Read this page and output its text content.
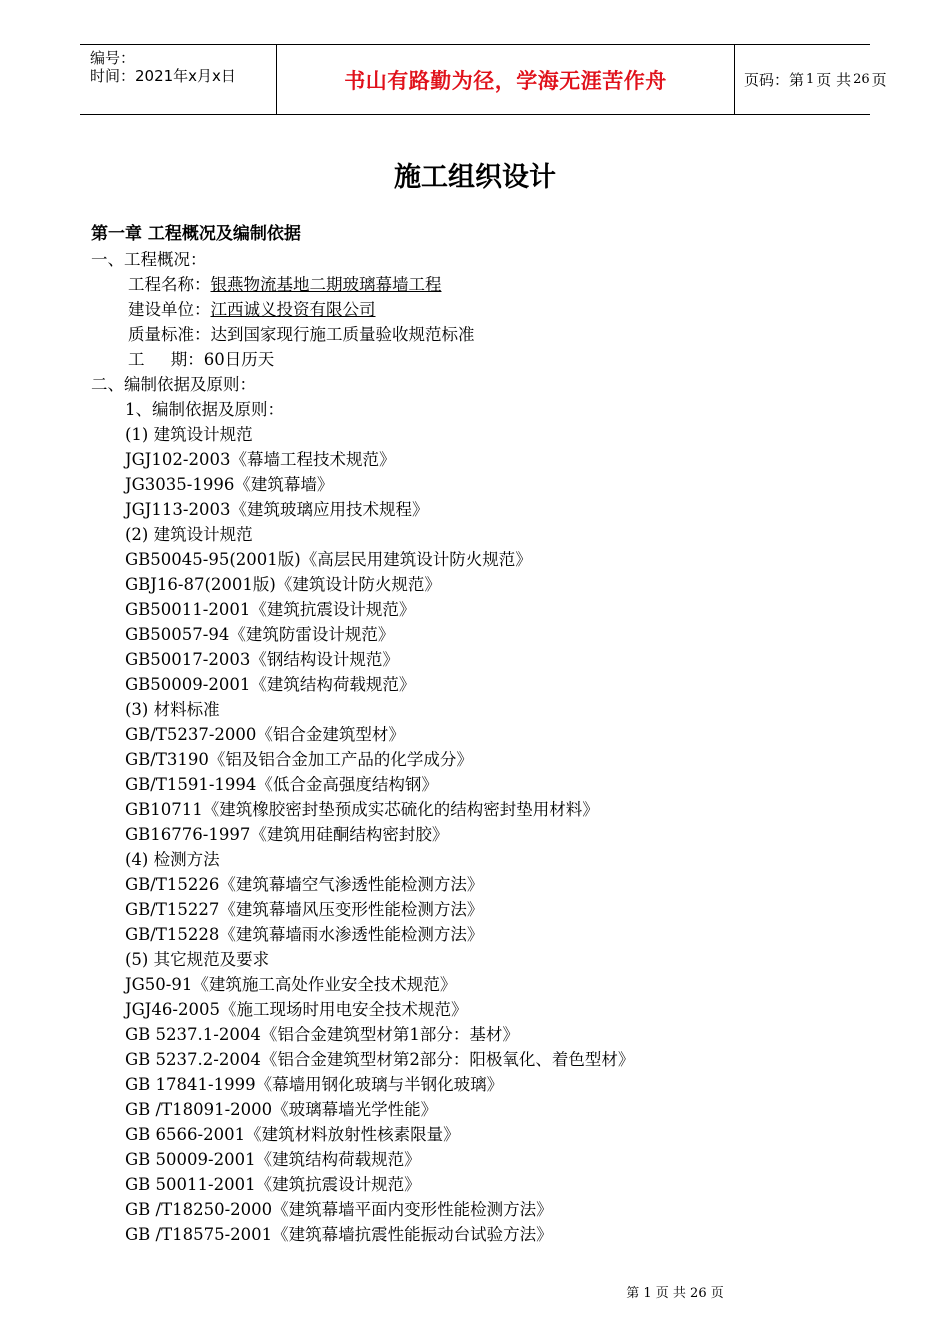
编号：
时间：2021年x月x日	书山有路勤为径，学海无涯苦作舟	页码：第 1 页 共 26 页
施工组织设计
第一章 工程概况及编制依据
一、工程概况：
工程名称：银燕物流基地二期玻璃幕墙工程
建设单位：江西诚义投资有限公司
质量标准：达到国家现行施工质量验收规范标准
工     期：60日历天
二、编制依据及原则：
1、编制依据及原则：
(1) 建筑设计规范
JGJ102-2003《幕墙工程技术规范》
JG3035-1996《建筑幕墙》
JGJ113-2003《建筑玻璃应用技术规程》
(2) 建筑设计规范
GB50045-95(2001版)《高层民用建筑设计防火规范》
GBJ16-87(2001版)《建筑设计防火规范》
GB50011-2001《建筑抗震设计规范》
GB50057-94《建筑防雷设计规范》
GB50017-2003《钢结构设计规范》
GB50009-2001《建筑结构荷载规范》
(3) 材料标准
GB/T5237-2000《铝合金建筑型材》
GB/T3190《铝及铝合金加工产品的化学成分》
GB/T1591-1994《低合金高强度结构钢》
GB10711《建筑橡胶密封垫预成实芯硫化的结构密封垫用材料》
GB16776-1997《建筑用硅酮结构密封胶》
(4) 检测方法
GB/T15226《建筑幕墙空气渗透性能检测方法》
GB/T15227《建筑幕墙风压变形性能检测方法》
GB/T15228《建筑幕墙雨水渗透性能检测方法》
(5) 其它规范及要求
JG50-91《建筑施工高处作业安全技术规范》
JGJ46-2005《施工现场时用电安全技术规范》
GB 5237.1-2004《铝合金建筑型材第1部分：基材》
GB 5237.2-2004《铝合金建筑型材第2部分：阳极氧化、着色型材》
GB 17841-1999《幕墙用钢化玻璃与半钢化玻璃》
GB /T18091-2000《玻璃幕墙光学性能》
GB 6566-2001《建筑材料放射性核素限量》
GB 50009-2001《建筑结构荷载规范》
GB 50011-2001《建筑抗震设计规范》
GB /T18250-2000《建筑幕墙平面内变形性能检测方法》
GB /T18575-2001《建筑幕墙抗震性能振动台试验方法》
第 1 页 共 26 页
